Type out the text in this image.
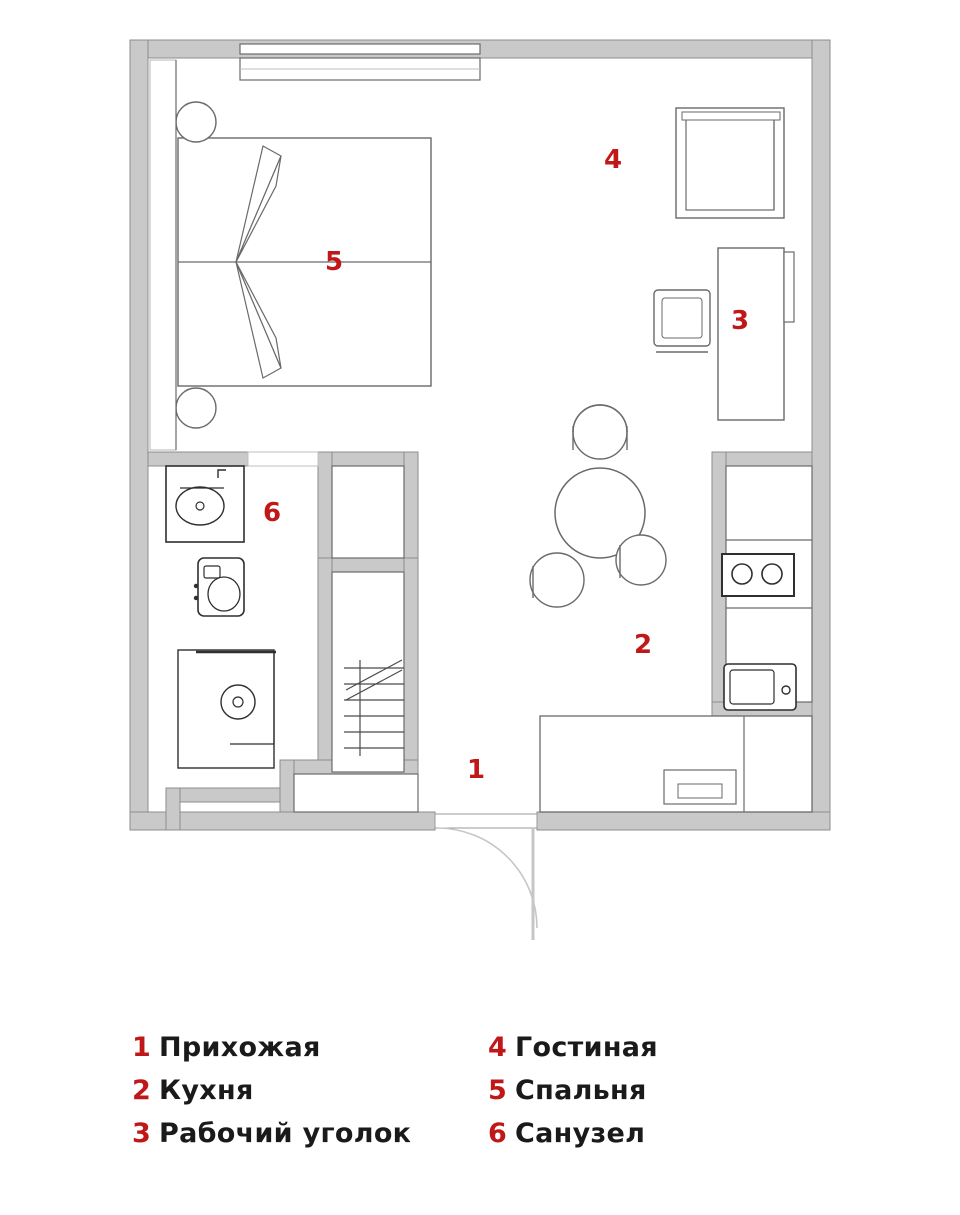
1
2
3
4
5
6
1 Прихожая
2 Кухня
3 Рабочий уголок
4 Гостиная
5 Спальня
6 Санузел
